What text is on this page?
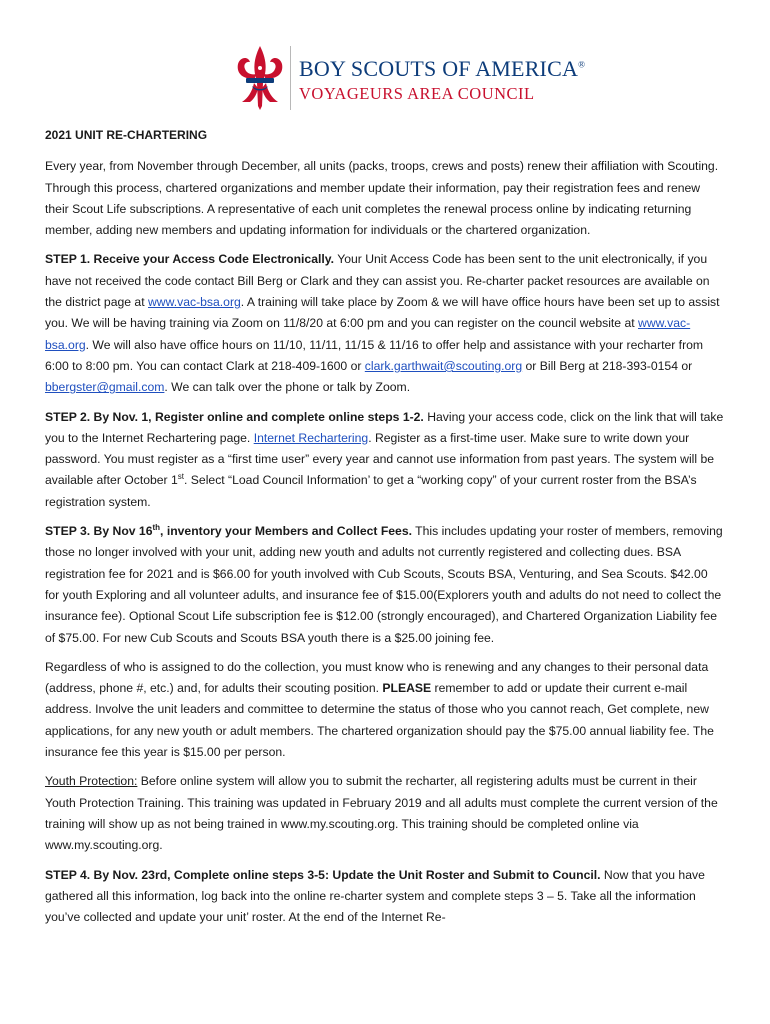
BOY SCOUTS OF AMERICA®
VOYAGEURS AREA COUNCIL
2021 UNIT RE-CHARTERING

Every year, from November through December, all units (packs, troops, crews and posts) renew their affiliation with Scouting. Through this process, chartered organizations and member update their information, pay their registration fees and renew their Scout Life subscriptions. A representative of each unit completes the renewal process online by indicating returning member, adding new members and updating information for individuals or the chartered organization.

STEP 1. Receive your Access Code Electronically. Your Unit Access Code has been sent to the unit electronically, if you have not received the code contact Bill Berg or Clark and they can assist you. Re-charter packet resources are available on the district page at www.vac-bsa.org. A training will take place by Zoom & we will have office hours have been set up to assist you. We will be having training via Zoom on 11/8/20 at 6:00 pm and you can register on the council website at www.vac-bsa.org. We will also have office hours on 11/10, 11/11, 11/15 & 11/16 to offer help and assistance with your recharter from 6:00 to 8:00 pm. You can contact Clark at 218-409-1600 or clark.garthwait@scouting.org or Bill Berg at 218-393-0154 or bbergster@gmail.com. We can talk over the phone or talk by Zoom.

STEP 2. By Nov. 1, Register online and complete online steps 1-2. Having your access code, click on the link that will take you to the Internet Rechartering page. Internet Rechartering. Register as a first-time user. Make sure to write down your password. You must register as a “first time user” every year and cannot use information from past years. The system will be available after October 1st. Select “Load Council Information’ to get a “working copy” of your current roster from the BSA’s registration system.

STEP 3. By Nov 16th, inventory your Members and Collect Fees. This includes updating your roster of members, removing those no longer involved with your unit, adding new youth and adults not currently registered and collecting dues. BSA registration fee for 2021 and is $66.00 for youth involved with Cub Scouts, Scouts BSA, Venturing, and Sea Scouts. $42.00 for youth Exploring and all volunteer adults, and insurance fee of $15.00(Explorers youth and adults do not need to collect the insurance fee). Optional Scout Life subscription fee is $12.00 (strongly encouraged), and Chartered Organization Liability fee of $75.00. For new Cub Scouts and Scouts BSA youth there is a $25.00 joining fee.

Regardless of who is assigned to do the collection, you must know who is renewing and any changes to their personal data (address, phone #, etc.) and, for adults their scouting position. PLEASE remember to add or update their current e-mail address. Involve the unit leaders and committee to determine the status of those who you cannot reach, Get complete, new applications, for any new youth or adult members. The chartered organization should pay the $75.00 annual liability fee. The insurance fee this year is $15.00 per person.

Youth Protection: Before online system will allow you to submit the recharter, all registering adults must be current in their Youth Protection Training. This training was updated in February 2019 and all adults must complete the current version of the training will show up as not being trained in www.my.scouting.org. This training should be completed online via www.my.scouting.org.

STEP 4. By Nov. 23rd, Complete online steps 3-5: Update the Unit Roster and Submit to Council. Now that you have gathered all this information, log back into the online re-charter system and complete steps 3 – 5. Take all the information you’ve collected and update your unit’ roster. At the end of the Internet Re-
